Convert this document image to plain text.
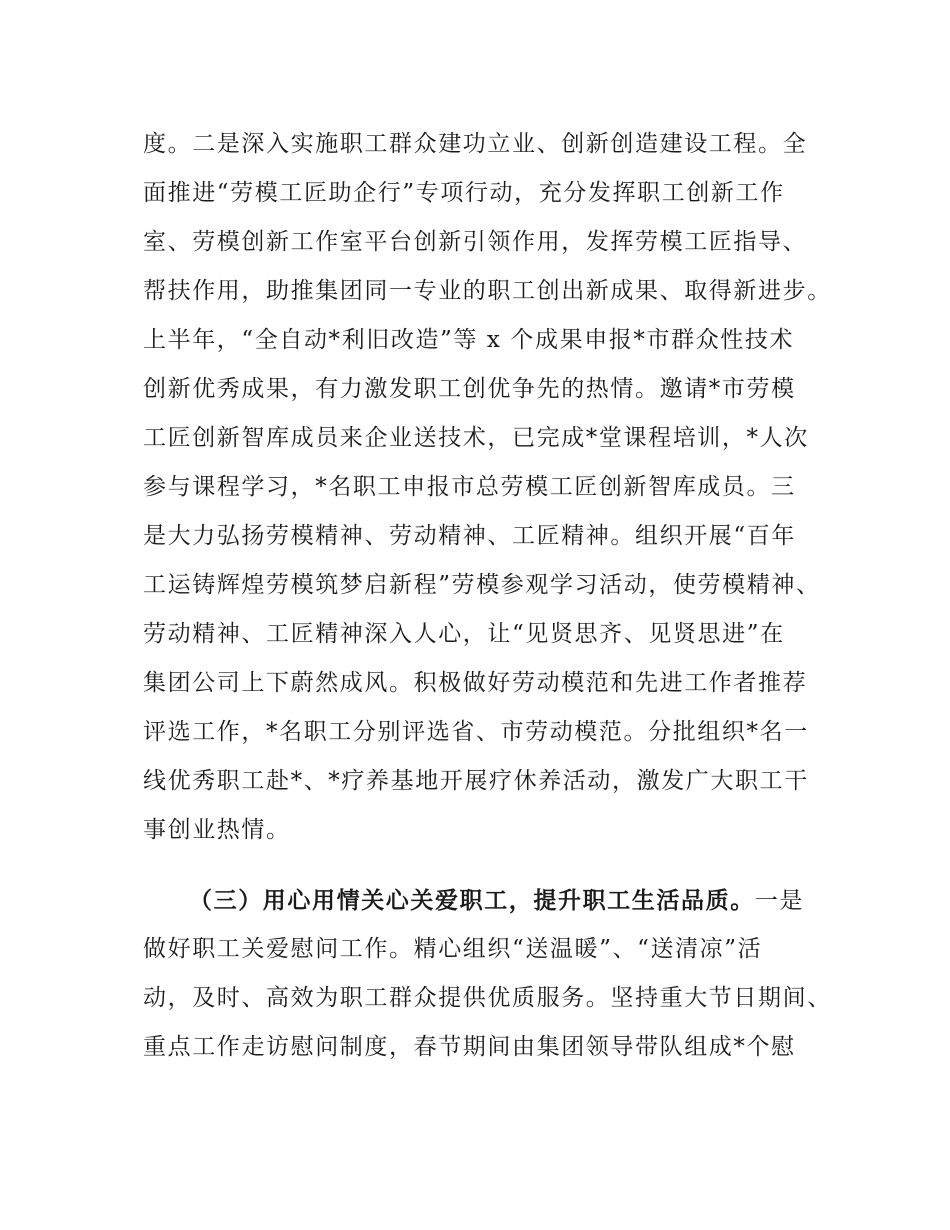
度。二是深入实施职工群众建功立业、创新创造建设工程。全
面推进“劳模工匠助企行”专项行动，充分发挥职工创新工作
室、劳模创新工作室平台创新引领作用，发挥劳模工匠指导、
帮扶作用，助推集团同一专业的职工创出新成果、取得新进步。
上半年，“全自动*利旧改造”等 x 个成果申报*市群众性技术
创新优秀成果，有力激发职工创优争先的热情。邀请*市劳模
工匠创新智库成员来企业送技术，已完成*堂课程培训，*人次
参与课程学习，*名职工申报市总劳模工匠创新智库成员。三
是大力弘扬劳模精神、劳动精神、工匠精神。组织开展“百年
工运铸辉煌劳模筑梦启新程”劳模参观学习活动，使劳模精神、
劳动精神、工匠精神深入人心，让“见贤思齐、见贤思进”在
集团公司上下蔚然成风。积极做好劳动模范和先进工作者推荐
评选工作，*名职工分别评选省、市劳动模范。分批组织*名一
线优秀职工赴*、*疗养基地开展疗休养活动，激发广大职工干
事创业热情。
（三）用心用情关心关爱职工，提升职工生活品质。一是
做好职工关爱慰问工作。精心组织“送温暖”、“送清凉”活
动，及时、高效为职工群众提供优质服务。坚持重大节日期间、
重点工作走访慰问制度，春节期间由集团领导带队组成*个慰
